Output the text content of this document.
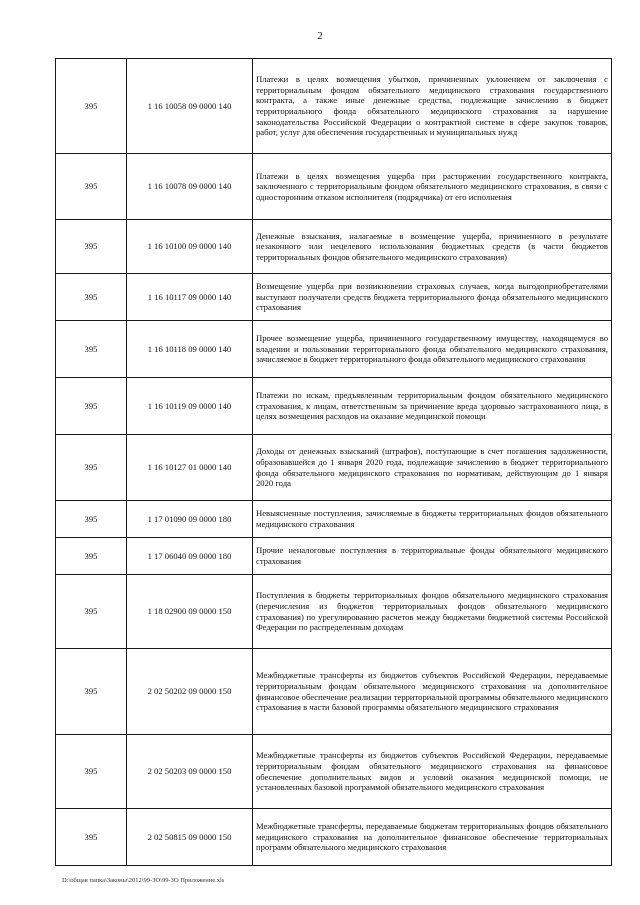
2
395	1 16 10058 09 0000 140	Платежи в целях возмещения убытков, причиненных уклонением от заключения с территориальным фондом обязательного медицинского страхования государственного контракта, а также иные денежные средства, подлежащие зачислению в бюджет территориального фонда обязательного медицинского страхования за нарушение законодательства Российской Федерации о контрактной системе в сфере закупок товаров, работ, услуг для обеспечения государственных и муниципальных нужд
395	1 16 10078 09 0000 140	Платежи в целях возмещения ущерба при расторжении государственного контракта, заключенного с территориальным фондом обязательного медицинского страхования, в связи с односторонним отказом исполнителя (подрядчика) от его исполнения
395	1 16 10100 09 0000 140	Денежные взыскания, налагаемые в возмещение ущерба, причиненного в результате незаконного или нецелевого использования бюджетных средств (в части бюджетов территориальных фондов обязательного медицинского страхования)
395	1 16 10117 09 0000 140	Возмещение ущерба при возникновении страховых случаев, когда выгодоприобретателями выступают получатели средств бюджета территориального фонда обязательного медицинского страхования
395	1 16 10118 09 0000 140	Прочее возмещение ущерба, причиненного государственному имуществу, находящемуся во владении и пользовании территориального фонда обязательного медицинского страхования, зачисляемое в бюджет территориального фонда обязательного медицинского страхования
395	1 16 10119 09 0000 140	Платежи по искам, предъявленным территориальным фондом обязательного медицинского страхования, к лицам, ответственным за причинение вреда здоровью застрахованного лица, в целях возмещения расходов на оказание медицинской помощи
395	1 16 10127 01 0000 140	Доходы от денежных взысканий (штрафов), поступающие в счет погашения задолженности, образовавшейся до 1 января 2020 года, подлежащие зачислению в бюджет территориального фонда обязательного медицинского страхования по нормативам, действующим до 1 января 2020 года
395	1 17 01090 09 0000 180	Невыясненные поступления, зачисляемые в бюджеты территориальных фондов обязательного медицинского страхования
395	1 17 06040 09 0000 180	Прочие неналоговые поступления в территориальные фонды обязательного медицинского страхования
395	1 18 02900 09 0000 150	Поступления в бюджеты территориальных фондов обязательного медицинского страхования (перечисления из бюджетов территориальных фондов обязательного медицинского страхования) по урегулированию расчетов между бюджетами бюджетной системы Российской Федерации по распределенным доходам
395	2 02 50202 09 0000 150	Межбюджетные трансферты из бюджетов субъектов Российской Федерации, передаваемые территориальным фондам обязательного медицинского страхования на дополнительное финансовое обеспечение реализации территориальной программы обязательного медицинского страхования в части базовой программы обязательного медицинского страхования
395	2 02 50203 09 0000 150	Межбюджетные трансферты из бюджетов субъектов Российской Федерации, передаваемые территориальным фондам обязательного медицинского страхования на финансовое обеспечение дополнительных видов и условий оказания медицинской помощи, не установленных базовой программой обязательного медицинского страхования
395	2 02 50815 09 0000 150	Межбюджетные трансферты, передаваемые бюджетам территориальных фондов обязательного медицинского страхования на дополнительное финансовое обеспечение территориальных программ обязательного медицинского страхования
D:\общая папка\Законы\2012\99-ЗО\99-ЗО Приложение.xls
